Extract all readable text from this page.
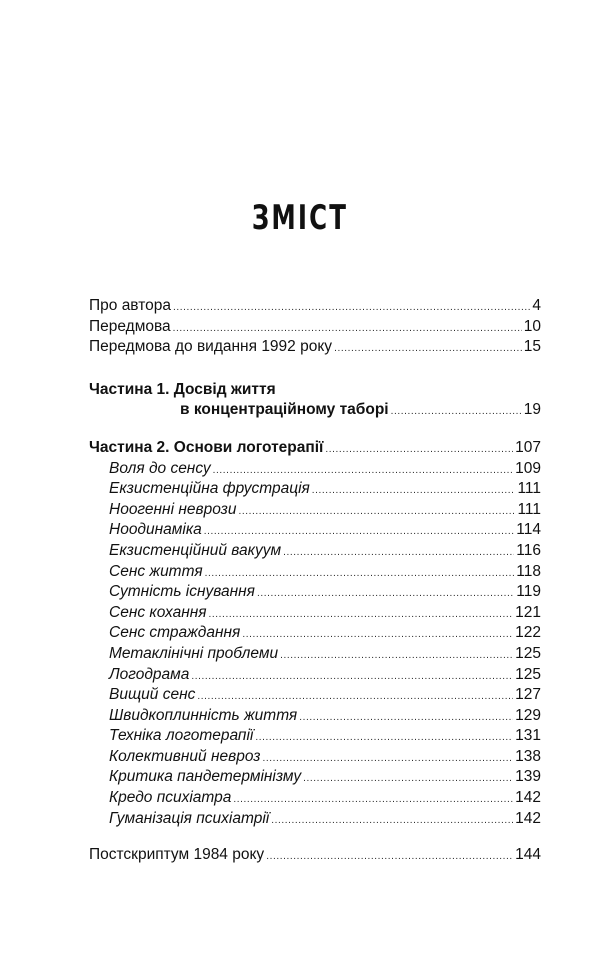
ЗМІСТ
Про автора .....	4
Передмова .....	10
Передмова до видання 1992 року .....	15
Частина 1. Досвід життя
в концентраційному таборі .....	19
Частина 2. Основи логотерапії .....	107
Воля до сенсу .....	109
Екзистенційна фрустрація .....	111
Ноогенні неврози .....	111
Ноодинаміка .....	114
Екзистенційний вакуум .....	116
Сенс життя .....	118
Сутність існування .....	119
Сенс кохання .....	121
Сенс страждання .....	122
Метаклінічні проблеми .....	125
Логодрама .....	125
Вищий сенс .....	127
Швидкоплинність життя .....	129
Техніка логотерапії .....	131
Колективний невроз .....	138
Критика пандетермінізму .....	139
Кредо психіатра .....	142
Гуманізація психіатрії .....	142
Постскриптум 1984 року .....	144
